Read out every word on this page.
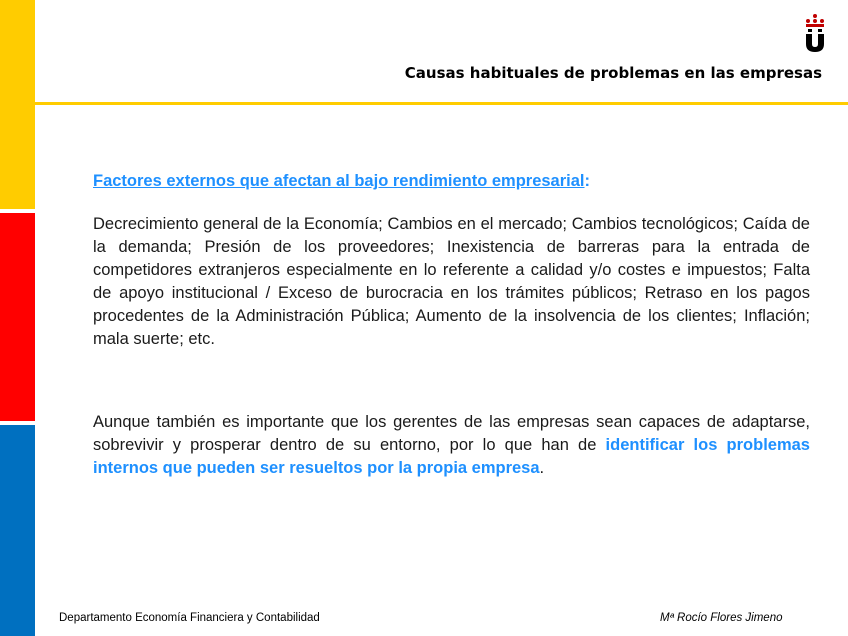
Causas habituales de problemas en las empresas
Factores externos que afectan al bajo rendimiento empresarial:
Decrecimiento general de la Economía; Cambios en el mercado; Cambios tecnológicos; Caída de la demanda; Presión de los proveedores; Inexistencia de barreras para la entrada de competidores extranjeros especialmente en lo referente a calidad y/o costes e impuestos; Falta de apoyo institucional / Exceso de burocracia en los trámites públicos; Retraso en los pagos procedentes de la Administración Pública; Aumento de la insolvencia de los clientes; Inflación; mala suerte; etc.
Aunque también es importante que los gerentes de las empresas sean capaces de adaptarse, sobrevivir y prosperar dentro de su entorno, por lo que han de identificar los problemas internos que pueden ser resueltos por la propia empresa.
Departamento Economía Financiera y Contabilidad	Mª Rocío Flores Jimeno
